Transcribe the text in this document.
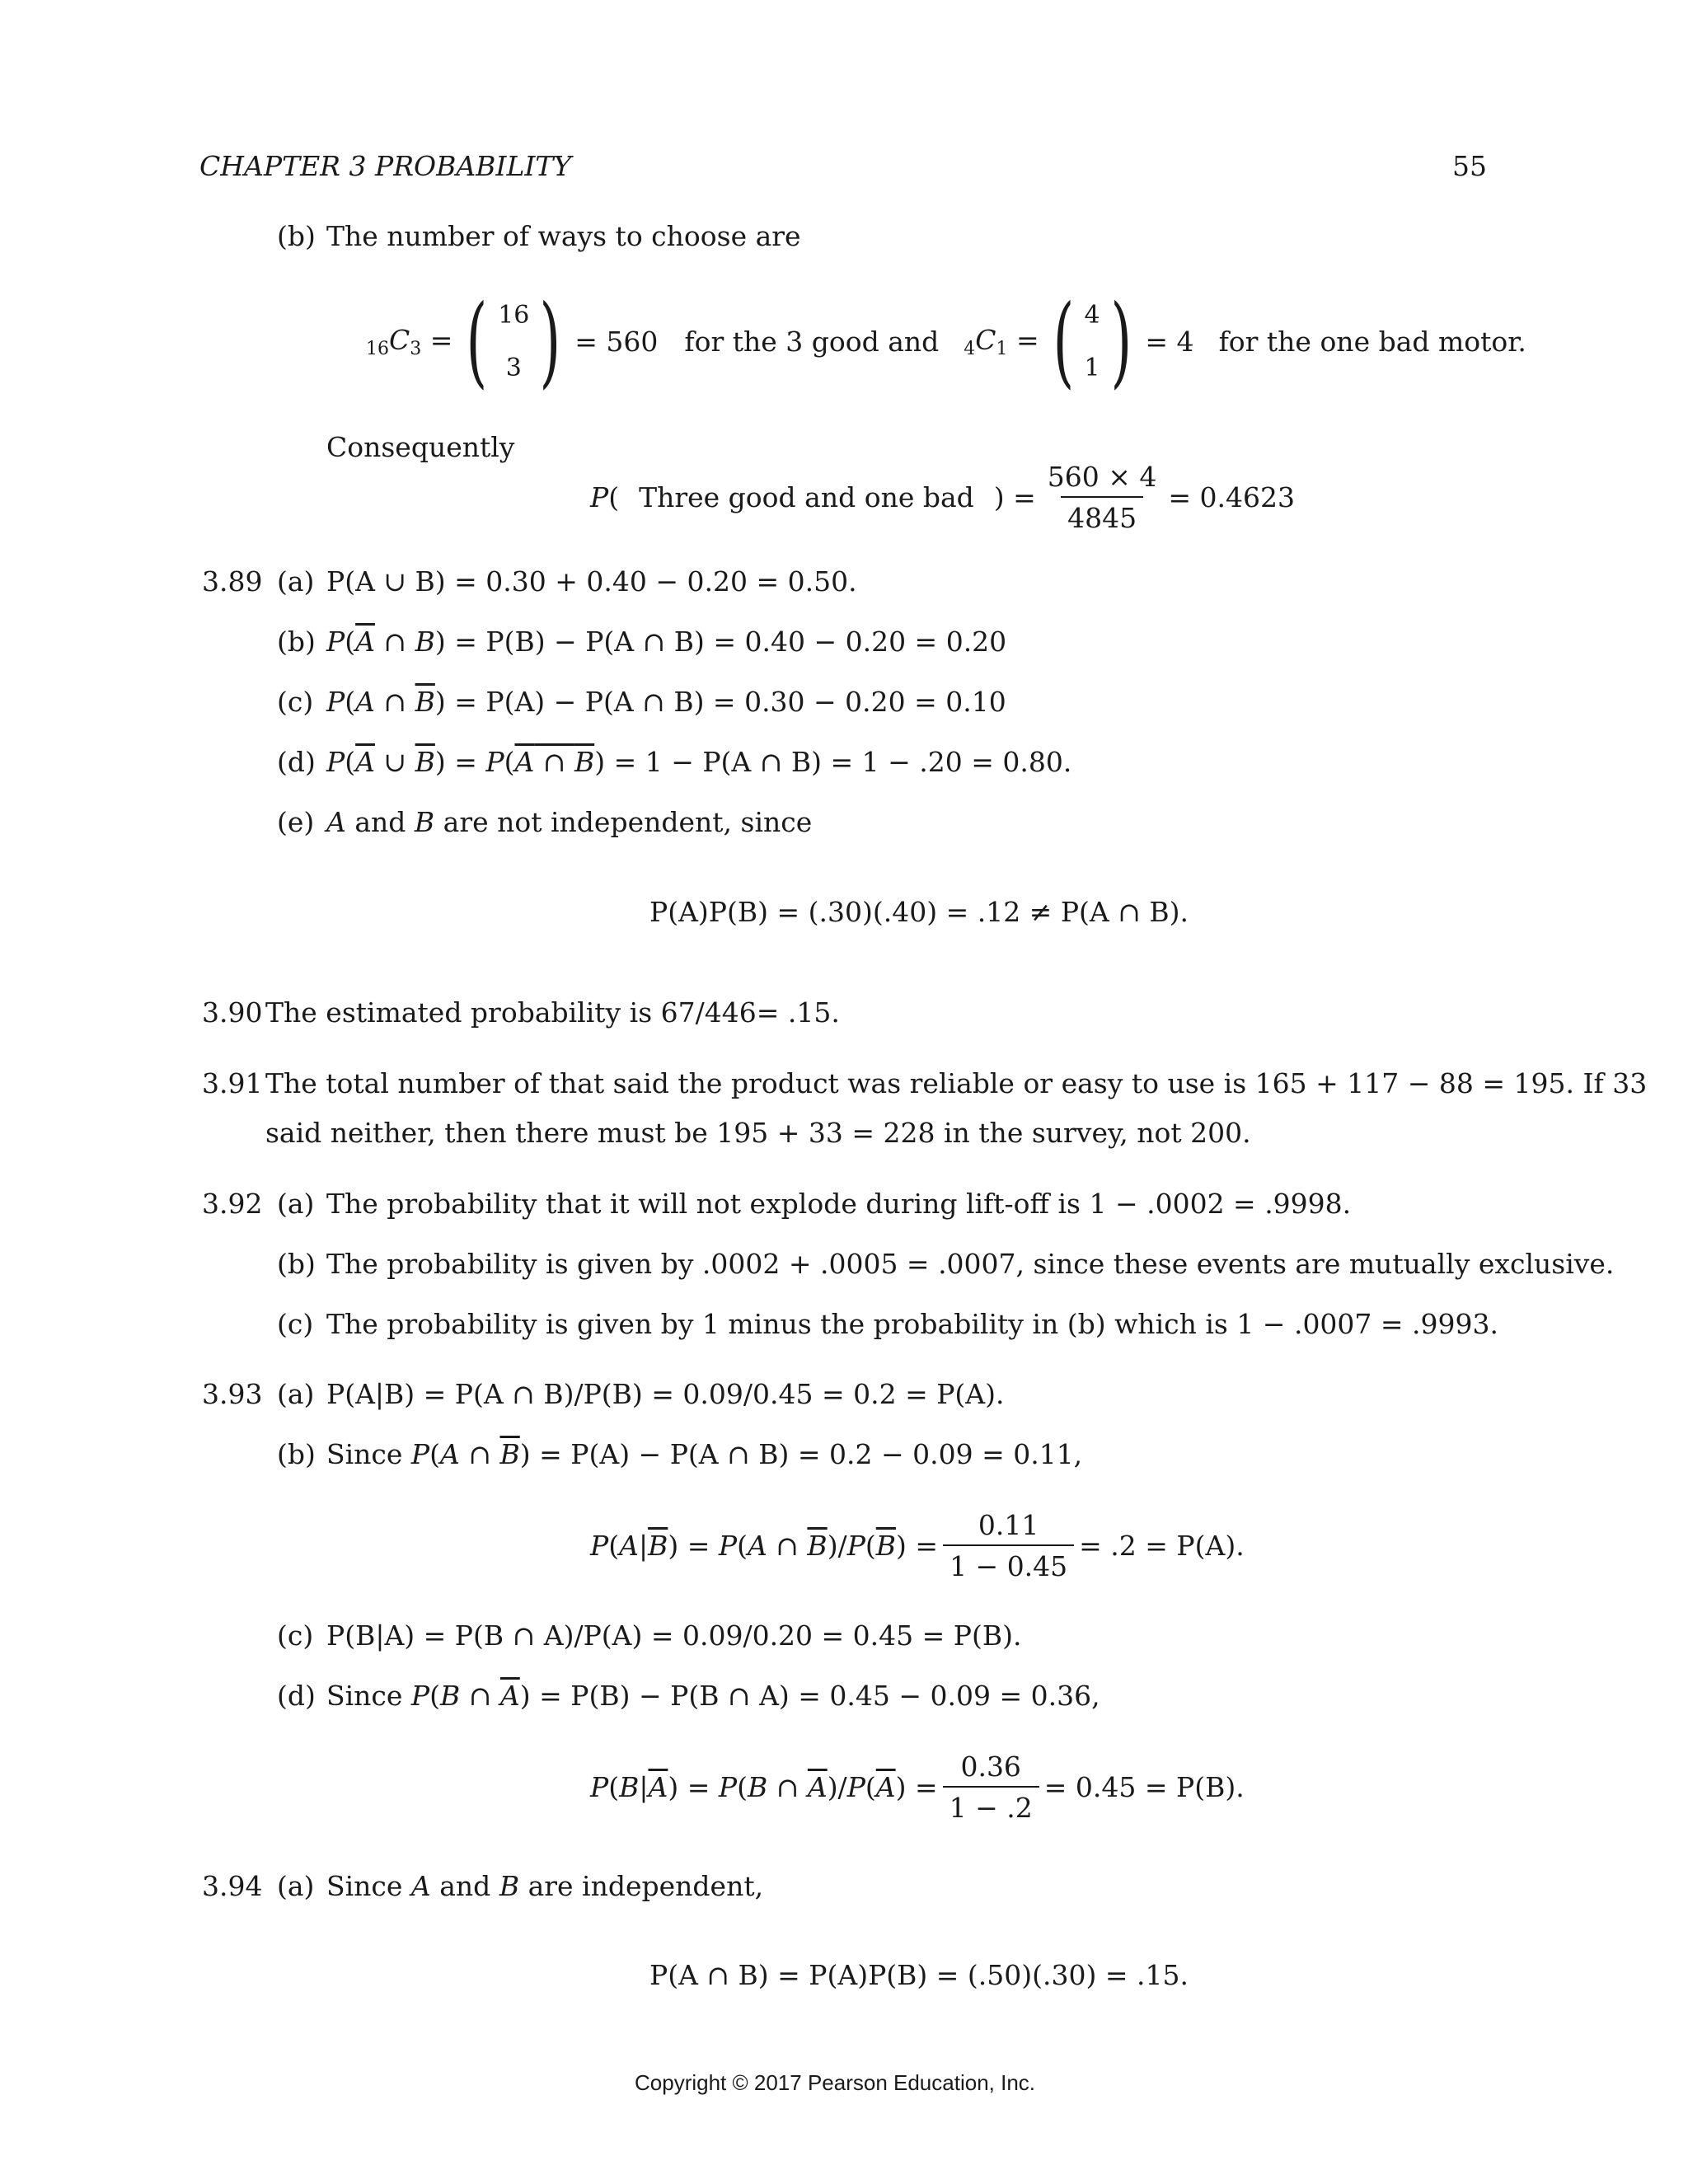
CHAPTER 3 PROBABILITY	55
(b) The number of ways to choose are
$_{16}C_3$ = ( 16
3 ) = 560 for the 3 good and $_4C_1$ = ( 4
1 ) = 4 for the one bad motor.
Consequently
P ( Three good and one bad ) = $\frac{560 \times 4}{4845} = 0.4623$
3.89 (a) P(A ∪ B) = 0.30 + 0.40 − 0.20 = 0.50.
(b) $P(\overline{A}$ ∩ B) = P(B) − P(A ∩ B) = 0.40 − 0.20 = 0.20
(c) P(A ∩ $\overline{B}) = P(A) - P(A$ ∩ B) = 0.30 − 0.20 = 0.10
(d) $P(\overline{A}$ ∪ $\overline{B}) = P(A$ ∩ B) = 1 − P(A ∩ B) = 1 − .20 = 0.80.
(e) A and B are not independent, since
P(A)P(B) = (.30)(.40) = .12 ≠ P(A ∩ B).
3.90 The estimated probability is 67/446= .15.
3.91 The total number of that said the product was reliable or easy to use is 165 + 117 − 88 = 195. If 33
said neither, then there must be 195 + 33 = 228 in the survey, not 200.
3.92 (a) The probability that it will not explode during lift-off is 1 − .0002 = .9998.
(b) The probability is given by .0002 + .0005 = .0007, since these events are mutually exclusive.
(c) The probability is given by 1 minus the probability in (b) which is 1 − .0007 = .9993.
3.93 (a) P(A|B) = P(A ∩ B)/P(B) = 0.09/0.45 = 0.2 = P(A).
(b) Since P(A ∩ $\overline{B}) = P(A) - P(A$ ∩ B) = 0.2 − 0.09 = 0.11,
$P(A|\overline{B}) = P(A$ ∩ $\overline{B})/P(\overline{B}) = \frac{0.11}{1 - 0.45} = .2 = P(A)$.
(c) P(B|A) = P(B ∩ A)/P(A) = 0.09/0.20 = 0.45 = P(B).
(d) Since P(B ∩ $\overline{A}) = P(B) - P(B$ ∩ A) = 0.45 − 0.09 = 0.36,
$P(B|\overline{A}) = P(B$ ∩ $\overline{A})/P(\overline{A}) = \frac{0.36}{1 - .2} = 0.45 = P(B)$.
3.94 (a) Since A and B are independent,
P(A ∩ B) = P(A)P(B) = (.50)(.30) = .15.
Copyright © 2017 Pearson Education, Inc.
